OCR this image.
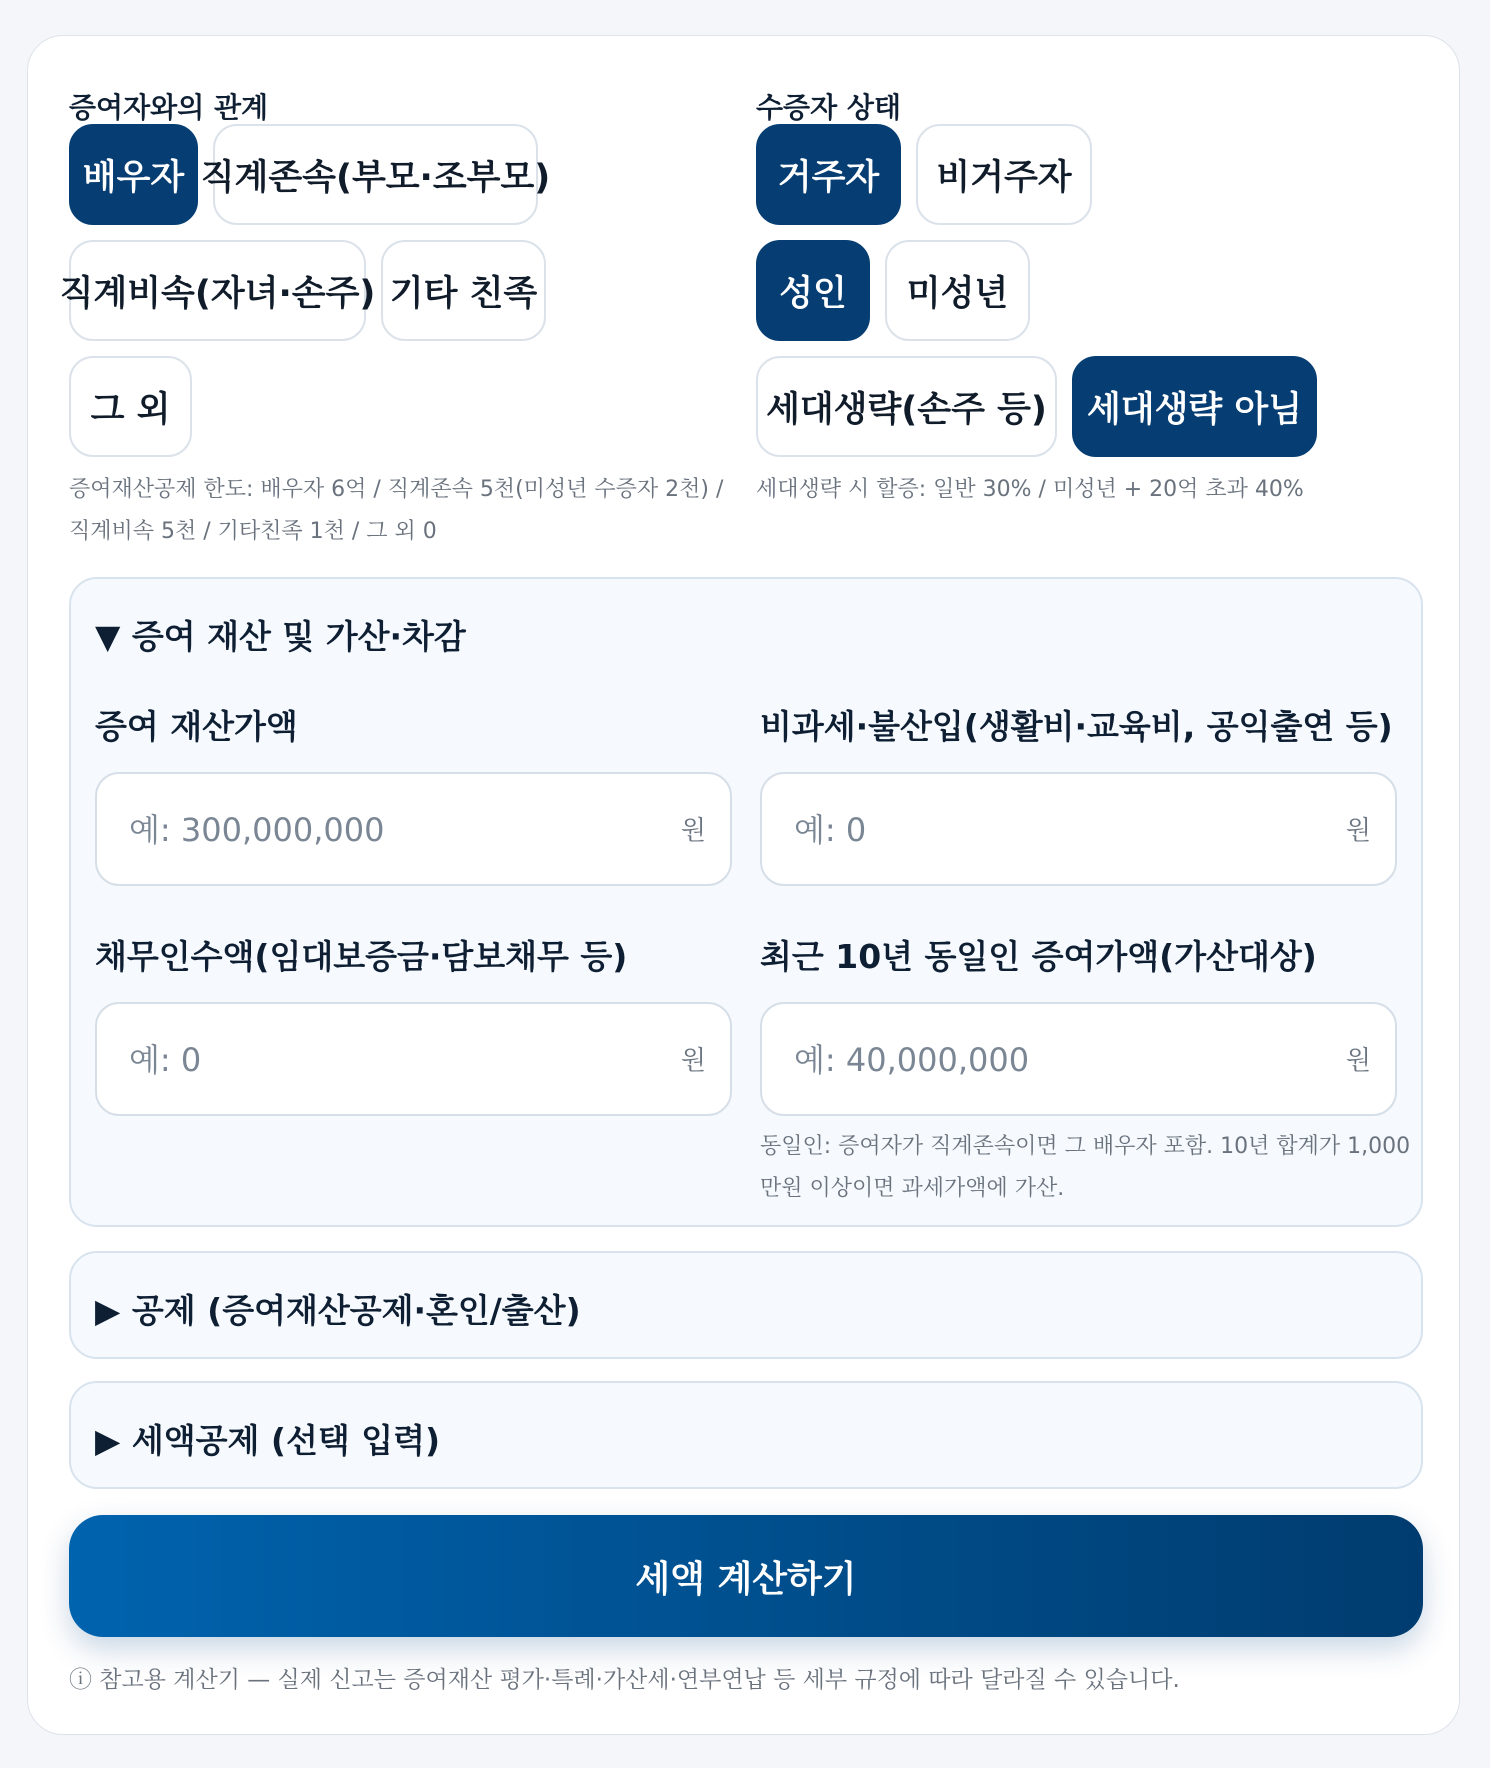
증여자와의 관계
배우자 직계존속(부모·조부모)
직계비속(자녀·손주) 기타 친족
그 외
증여재산공제 한도: 배우자 6억 / 직계존속 5천(미성년 수증자 2천) /
직계비속 5천 / 기타친족 1천 / 그 외 0
수증자 상태
거주자	비거주자
성인	미성년
세대생략(손주 등)	세대생략 아님
세대생략 시 할증: 일반 30% / 미성년 + 20억 초과 40%
▼ 증여 재산 및 가산·차감
증여 재산가액
예: 300,000,000
원
비과세·불산입(생활비·교육비, 공익출연 등)
예: 0
원
채무인수액(임대보증금·담보채무 등)
예: 0
원
최근 10년 동일인 증여가액(가산대상)
예: 40,000,000
원
동일인: 증여자가 직계존속이면 그 배우자 포함. 10년 합계가 1,000
만원 이상이면 과세가액에 가산.
▶ 공제 (증여재산공제·혼인/출산)
▶ 세액공제 (선택 입력)
세액 계산하기
ⓘ 참고용 계산기 — 실제 신고는 증여재산 평가·특례·가산세·연부연납 등 세부 규정에 따라 달라질 수 있습니다.
